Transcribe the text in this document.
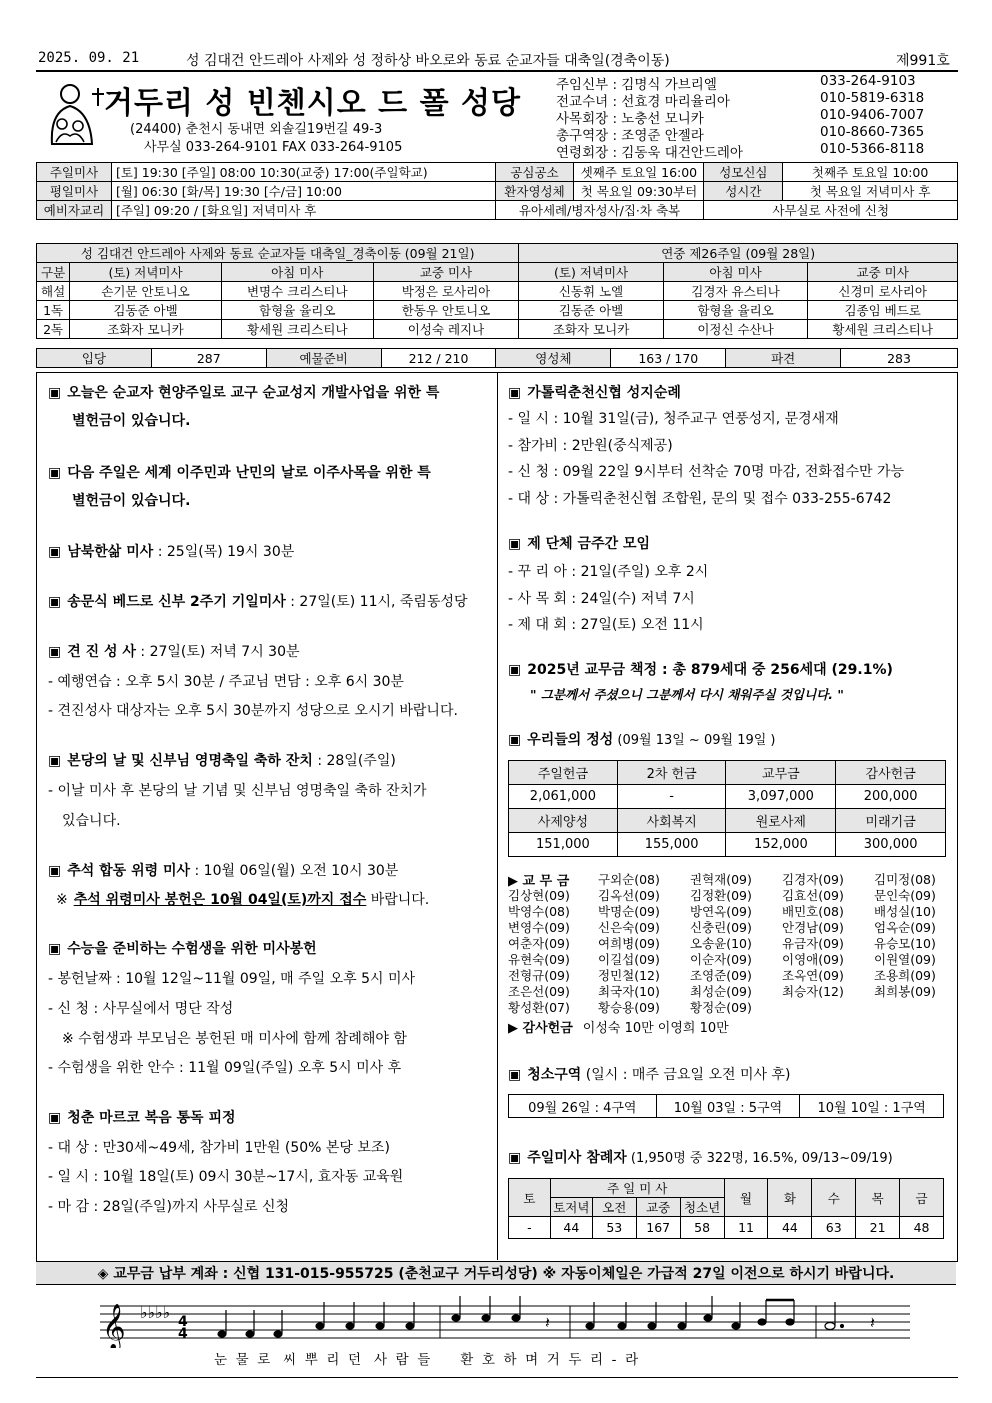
2025. 09. 21	성 김대건 안드레아 사제와 성 정하상 바오로와 동료 순교자들 대축일(경축이동)	제991호
거두리 성 빈첸시오 드 폴 성당
(24400) 춘천시 동내면 외솔길19번길 49-3
사무실 033-264-9101 FAX 033-264-9105
주임신부 : 김명식 가브리엘	033-264-9103
전교수녀 : 선효경 마리율리아	010-5819-6318
사목회장 : 노충선 모니카	010-9406-7007
총구역장 : 조영준 안젤라	010-8660-7365
연령회장 : 김동욱 대건안드레아	010-5366-8118
주일미사	[토] 19:30 [주일] 08:00 10:30(교중) 17:00(주일학교)	공심공소	셋째주 토요일 16:00	성모신심	첫째주 토요일 10:00
평일미사	[월] 06:30 [화/목] 19:30 [수/금] 10:00	환자영성체	첫 목요일 09:30부터	성시간	첫 목요일 저녁미사 후
예비자교리	[주일] 09:20 / [화요일] 저녁미사 후	유아세례/병자성사/집·차 축복		사무실로 사전에 신청	
성 김대건 안드레아 사제와 동료 순교자들 대축일_경축이동 (09월 21일)				연중 제26주일 (09월 28일)		
구분	(토) 저녁미사	아침 미사	교중 미사	(토) 저녁미사	아침 미사	교중 미사
해설	손기문 안토니오	변명수 크리스티나	박정은 로사리아	신동휘 노엘	김경자 유스티나	신경미 로사리아
1독	김동준 아벨	함형율 율리오	한동우 안토니오	김동준 아벨	함형율 율리오	김종임 베드로
2독	조화자 모니카	황세원 크리스티나	이성숙 레지나	조화자 모니카	이정신 수산나	황세원 크리스티나
입당	287	예물준비	212 / 210	영성체	163 / 170	파견	283
▣ 오늘은 순교자 현양주일로 교구 순교성지 개발사업을 위한 특
별헌금이 있습니다.
▣ 다음 주일은 세계 이주민과 난민의 날로 이주사목을 위한 특
별헌금이 있습니다.
▣ 남북한삶 미사 : 25일(목) 19시 30분
▣ 송문식 베드로 신부 2주기 기일미사 : 27일(토) 11시, 죽림동성당
▣ 견 진 성 사 : 27일(토) 저녁 7시 30분
- 예행연습 : 오후 5시 30분 / 주교님 면담 : 오후 6시 30분
- 견진성사 대상자는 오후 5시 30분까지 성당으로 오시기 바랍니다.
▣ 본당의 날 및 신부님 영명축일 축하 잔치 : 28일(주일)
- 이날 미사 후 본당의 날 기념 및 신부님 영명축일 축하 잔치가
있습니다.
▣ 추석 합동 위령 미사 : 10월 06일(월) 오전 10시 30분
※ 추석 위령미사 봉헌은 10월 04일(토)까지 접수 바랍니다.
▣ 수능을 준비하는 수험생을 위한 미사봉헌
- 봉헌날짜 : 10월 12일~11월 09일, 매 주일 오후 5시 미사
- 신 청 : 사무실에서 명단 작성
※ 수험생과 부모님은 봉헌된 매 미사에 함께 참례해야 함
- 수험생을 위한 안수 : 11월 09일(주일) 오후 5시 미사 후
▣ 청춘 마르코 복음 통독 피정
- 대 상 : 만30세~49세, 참가비 1만원 (50% 본당 보조)
- 일 시 : 10월 18일(토) 09시 30분~17시, 효자동 교육원
- 마 감 : 28일(주일)까지 사무실로 신청
▣ 가톨릭춘천신협 성지순례
- 일 시 : 10월 31일(금), 청주교구 연풍성지, 문경새재
- 참가비 : 2만원(중식제공)
- 신 청 : 09월 22일 9시부터 선착순 70명 마감, 전화접수만 가능
- 대 상 : 가톨릭춘천신협 조합원, 문의 및 접수 033-255-6742
▣ 제 단체 금주간 모임
- 꾸 리 아 : 21일(주일) 오후 2시
- 사 목 회 : 24일(수) 저녁 7시
- 제 대 회 : 27일(토) 오전 11시
▣ 2025년 교무금 책정 : 총 879세대 중 256세대 (29.1%)
" 그분께서 주셨으니 그분께서 다시 채워주실 것입니다. "
▣ 우리들의 정성 (09월 13일 ~ 09월 19일 )
주일헌금	2차 헌금	교무금	감사헌금
2,061,000	-	3,097,000	200,000
사제양성	사회복지	원로사제	미래기금
151,000	155,000	152,000	300,000
▶ 교 무 금 구외순(08) 권혁재(09) 김경자(09) 김미정(08)
김상현(09) 김옥선(09) 김정환(09) 김효선(09) 문인숙(09)
박영수(08) 박명순(09) 방연옥(09) 배민호(08) 배성실(10)
변영수(09) 신은숙(09) 신충린(09) 안경남(09) 엄옥순(09)
여춘자(09) 여희병(09) 오송윤(10) 유금자(09) 유승모(10)
유현숙(09) 이길섭(09) 이순자(09) 이영애(09) 이원열(09)
전형규(09) 정민철(12) 조영준(09) 조옥연(09) 조용희(09)
조은선(09) 최국자(10) 최성순(09) 최승자(12) 최희봉(09)
황성환(07) 황승용(09) 황정순(09)
▶ 감사헌금 이성숙 10만 이영희 10만
▣ 청소구역 (일시 : 매주 금요일 오전 미사 후)
09월 26일 : 4구역	10월 03일 : 5구역	10월 10일 : 1구역
▣ 주일미사 참례자 (1,950명 중 322명, 16.5%, 09/13~09/19)
토	주 일 미 사				월	화	수	목	금
	토저녁	오전	교중	청소년					
-	44	53	167	58	11	44	63	21	48
◈ 교무금 납부 계좌 : 신협 131-015-955725 (춘천교구 거두리성당) ※ 자동이체일은 가급적 27일 이전으로 하시기 바랍니다.
𝄞 ♭♭♭♭ 4
4
𝄽	𝄽
눈  물  로   씨  뿌  리  던   사  람  들       환  호  하  며  거  두  리  -  라
